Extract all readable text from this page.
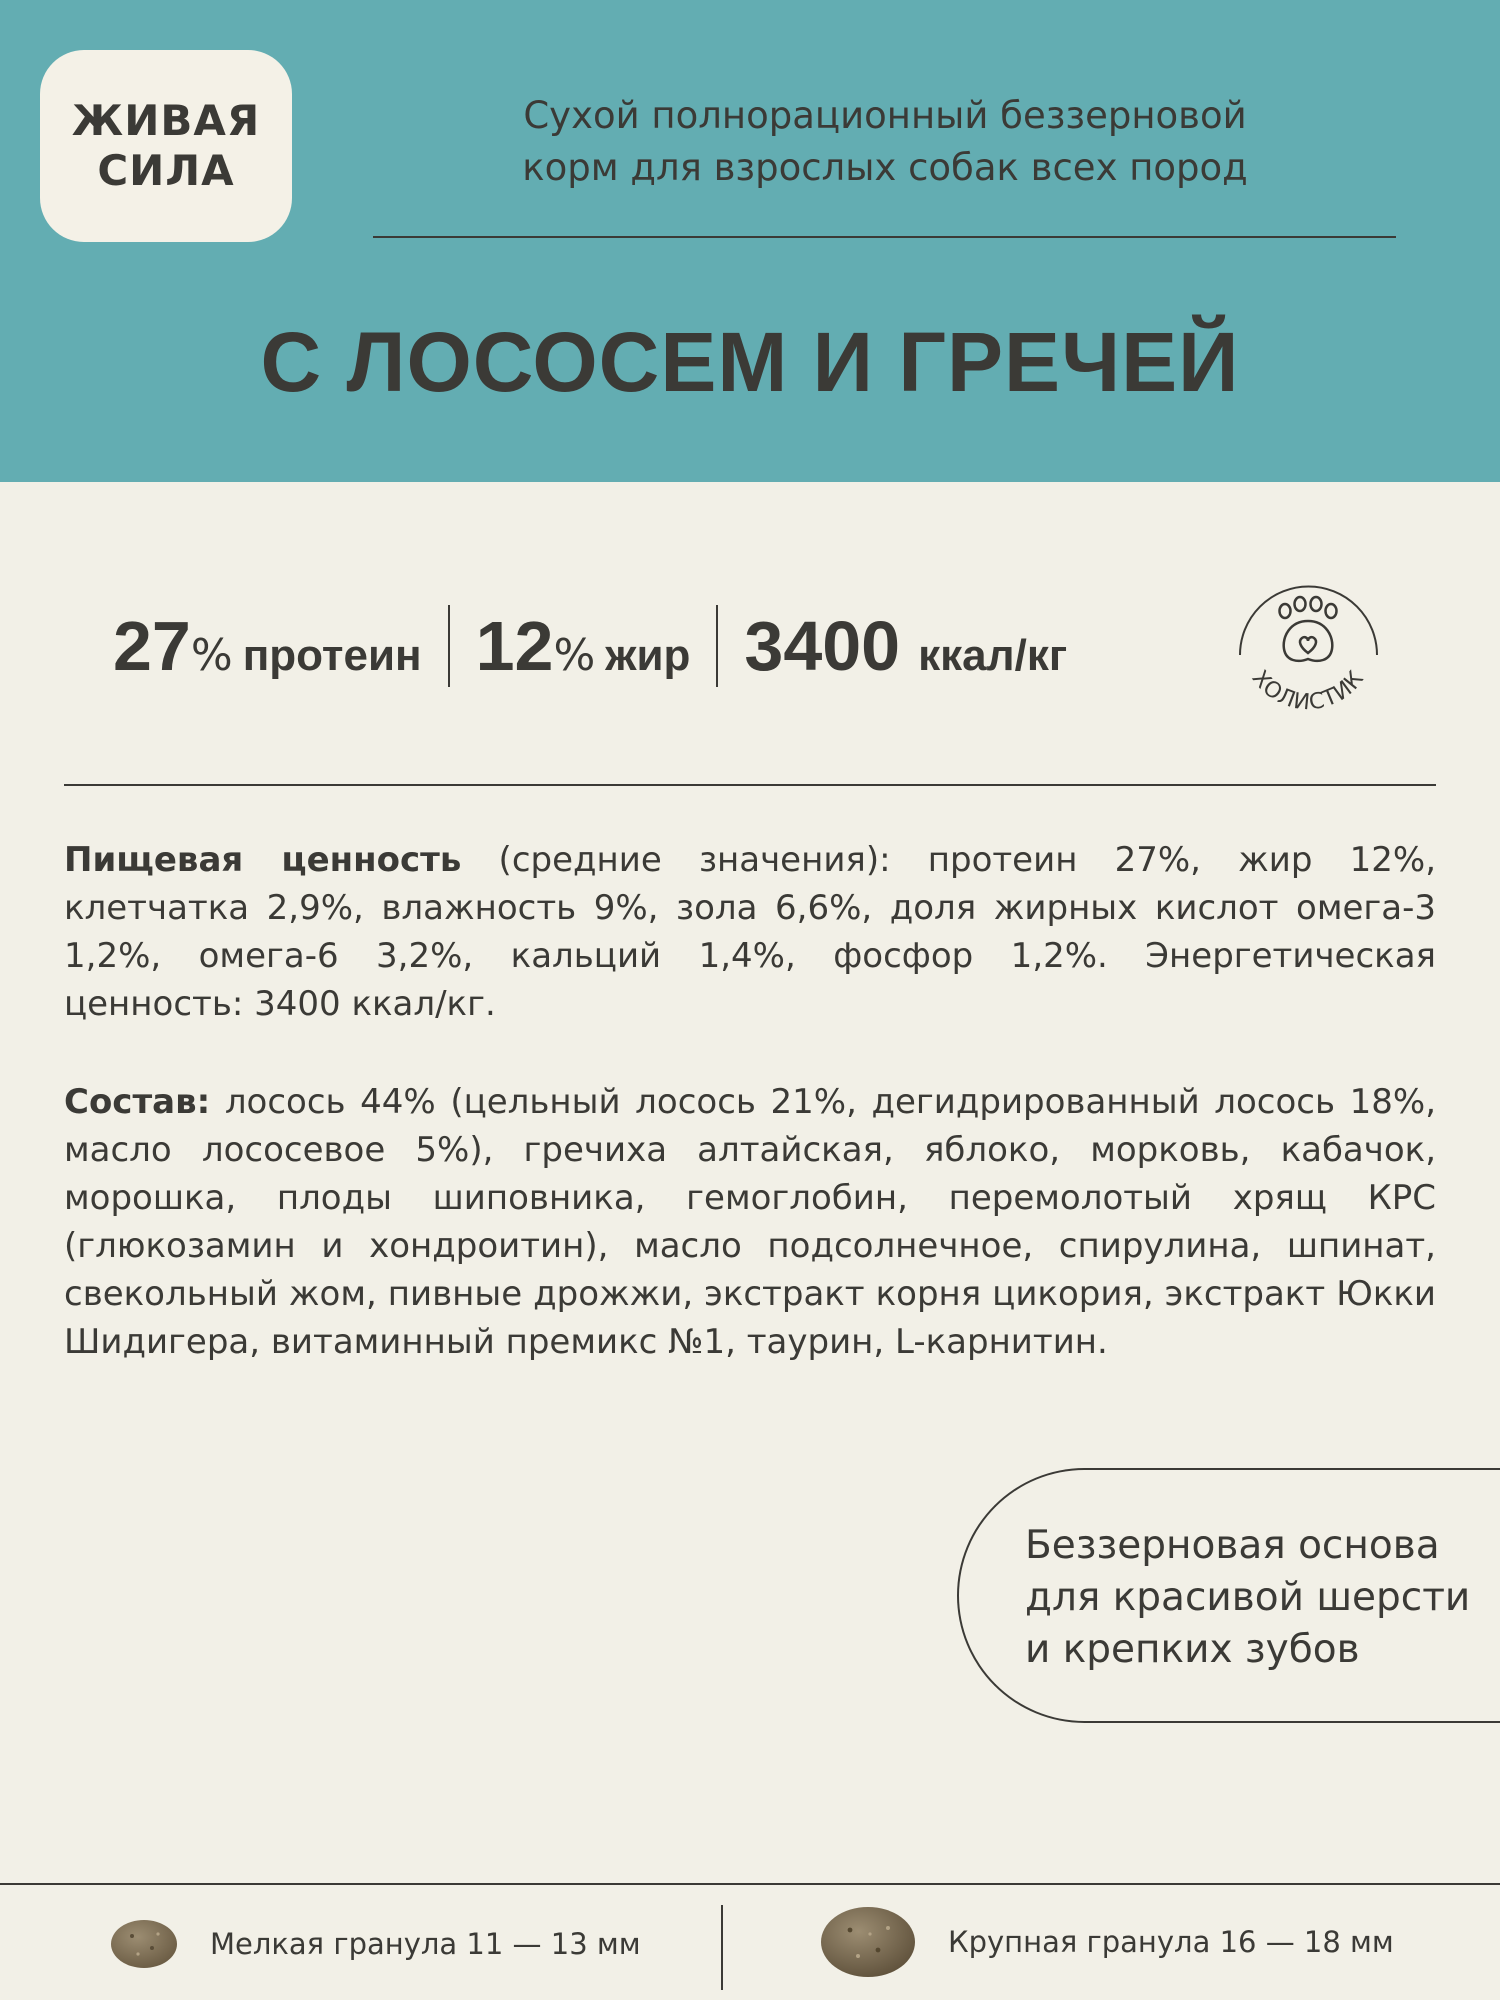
ЖИВАЯ
СИЛА
Сухой полнорационный беззерновой
корм для взрослых собак всех пород
С ЛОСОСЕМ И ГРЕЧЕЙ
27 % протеин 12 % жир 3400 ккал/кг
ХОЛИСТИК
Пищевая ценность (средние значения): протеин 27%, жир 12%, клетчатка 2,9%, влажность 9%, зола 6,6%, доля жирных кислот омега-3 1,2%, омега-6 3,2%, кальций 1,4%, фосфор 1,2%. Энергетическая ценность: 3400 ккал/кг.
Состав: лосось 44% (цельный лосось 21%, дегидрированный лосось 18%, масло лососевое 5%), гречиха алтайская, яблоко, морковь, кабачок, морошка, плоды шиповника, гемоглобин, перемолотый хрящ КРС (глюкозамин и хондроитин), масло подсолнечное, спирулина, шпинат, свекольный жом, пивные дрожжи, экстракт корня цикория, экстракт Юкки Шидигера, витаминный премикс №1, таурин, L-карнитин.
Беззерновая основа
для красивой шерсти
и крепких зубов
Мелкая гранула 11 — 13 мм	Крупная гранула 16 — 18 мм
